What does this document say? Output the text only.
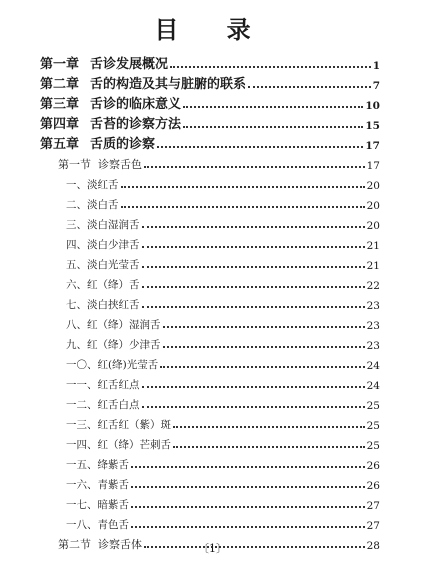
目 录
第一章 舌诊发展概况	1
第二章 舌的构造及其与脏腑的联系	7
第三章 舌诊的临床意义	10
第四章 舌苔的诊察方法	15
第五章 舌质的诊察	17
第一节 诊察舌色	17
一、淡红舌	20
二、淡白舌	20
三、淡白湿润舌	20
四、淡白少津舌	21
五、淡白光莹舌	21
六、红（绛）舌	22
七、淡白挟红舌	23
八、红（绛）湿润舌	23
九、红（绛）少津舌	23
一〇、红(绛)光莹舌	24
一一、红舌红点	24
一二、红舌白点	25
一三、红舌红（紫）斑	25
一四、红（绛）芒刺舌	25
一五、绛紫舌	26
一六、青紫舌	26
一七、暗紫舌	27
一八、青色舌	27
第二节 诊察舌体	28
〔1〕
